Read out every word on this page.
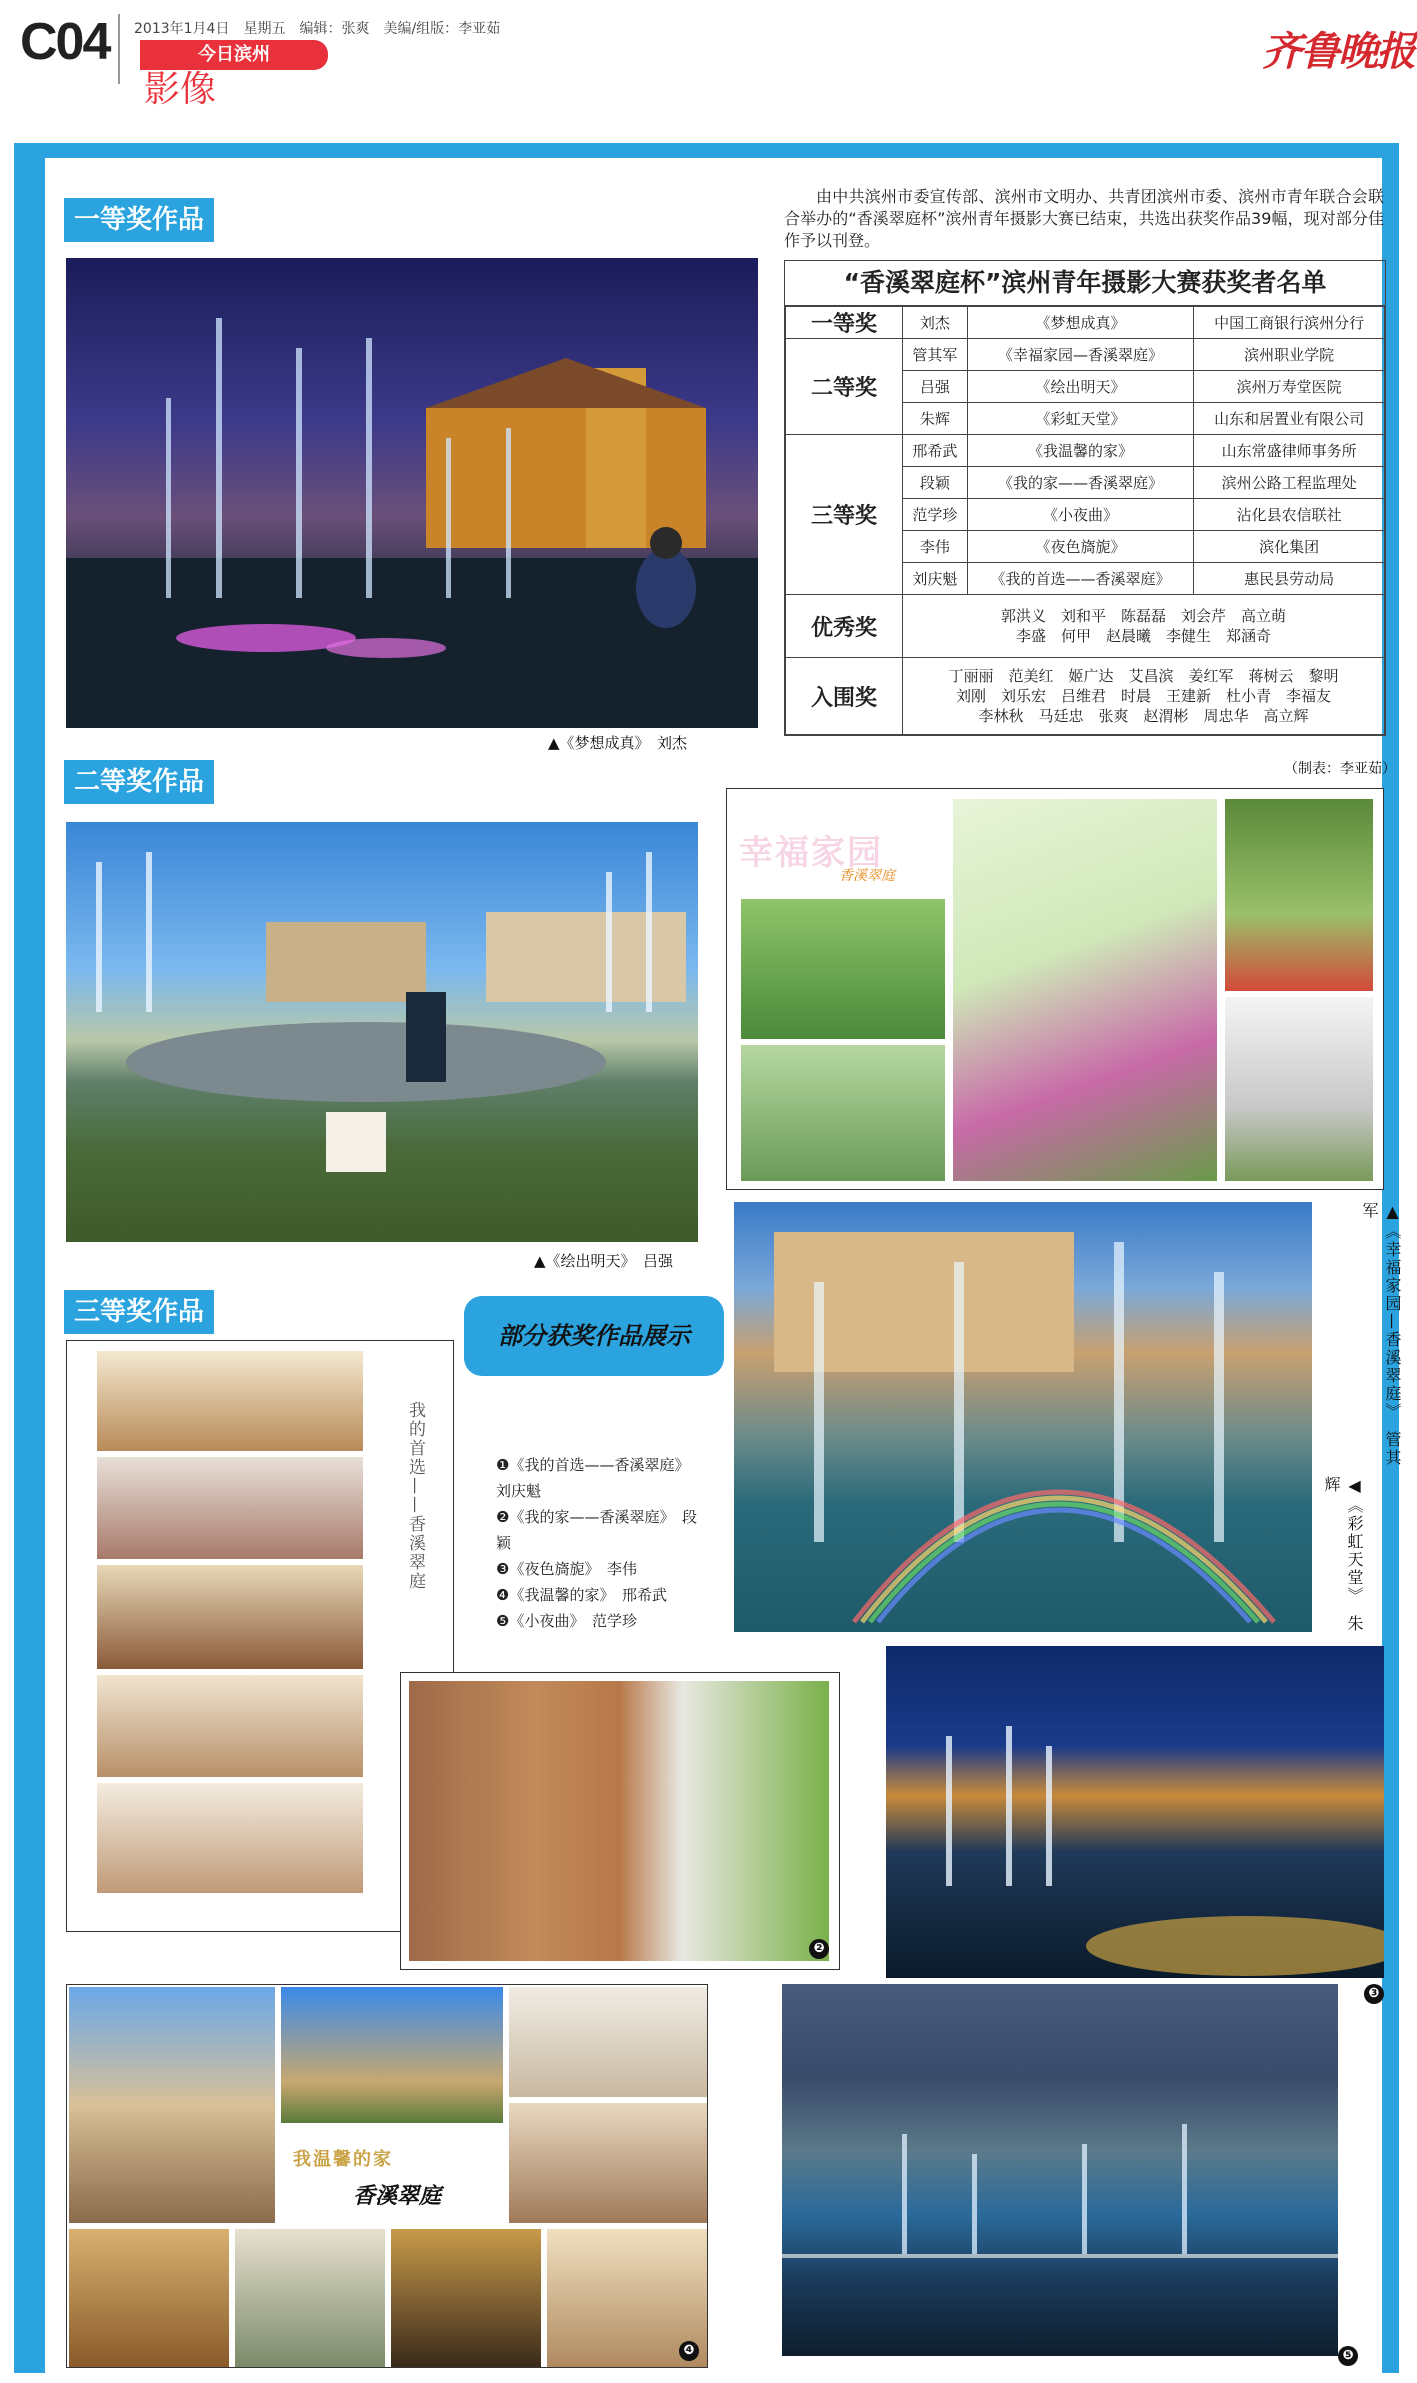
C04 2013年1月4日　星期五　编辑：张爽　美编/组版：李亚茹
今日滨州
影像
齐鲁晚报
一等奖作品
▲《梦想成真》　刘杰
由中共滨州市委宣传部、滨州市文明办、共青团滨州市委、滨州市青年联合会联合举办的“香溪翠庭杯”滨州青年摄影大赛已结束，共选出获奖作品39幅，现对部分佳作予以刊登。
“香溪翠庭杯”滨州青年摄影大赛获奖者名单
一等奖	刘杰	《梦想成真》	中国工商银行滨州分行
二等奖	管其军	《幸福家园—香溪翠庭》	滨州职业学院
	吕强	《绘出明天》	滨州万寿堂医院
	朱辉	《彩虹天堂》	山东和居置业有限公司
三等奖	邢希武	《我温馨的家》	山东常盛律师事务所
	段颖	《我的家——香溪翠庭》	滨州公路工程监理处
	范学珍	《小夜曲》	沾化县农信联社
	李伟	《夜色旖旎》	滨化集团
	刘庆魁	《我的首选——香溪翠庭》	惠民县劳动局
优秀奖	郭洪义　刘和平　陈磊磊　刘会芹　高立萌
李盛　何甲　赵晨曦　李健生　郑涵奇		

入围奖	丁丽丽　范美红　姬广达　艾昌滨　姜红军　蒋树云　黎明
刘刚　刘乐宏　吕维君　时晨　王建新　杜小青　李福友
李林秋　马廷忠　张爽　赵渭彬　周忠华　高立辉		
（制表：李亚茹）
二等奖作品
▲《绘出明天》　吕强
幸福家园
香溪翠庭
▲《幸福家园—香溪翠庭》　管其军
◀《彩虹天堂》　朱辉
三等奖作品
部分获奖作品展示
❶《我的首选——香溪翠庭》　刘庆魁
❷《我的家——香溪翠庭》　段颖
❸《夜色旖旎》　李伟
❹《我温馨的家》　邢希武
❺《小夜曲》　范学珍
我的首选——香溪翠庭
❷
❸
我温馨的家
香溪翠庭
❹	❺
